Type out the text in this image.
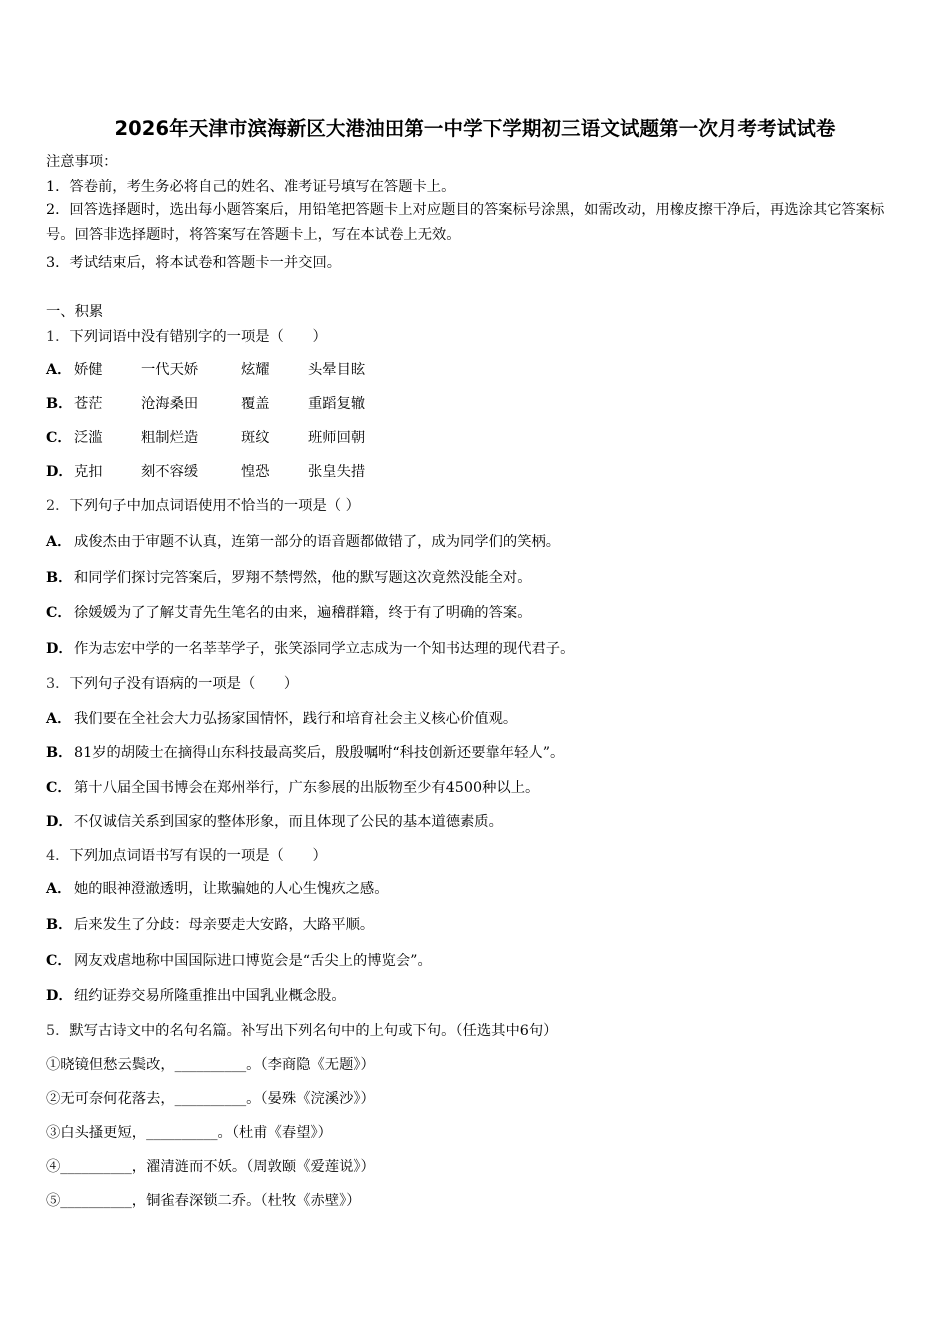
2026年天津市滨海新区大港油田第一中学下学期初三语文试题第一次月考考试试卷
注意事项：
1．答卷前，考生务必将自己的姓名、准考证号填写在答题卡上。
2．回答选择题时，选出每小题答案后，用铅笔把答题卡上对应题目的答案标号涂黑，如需改动，用橡皮擦干净后，再选涂其它答案标号。回答非选择题时，将答案写在答题卡上，写在本试卷上无效。
3．考试结束后，将本试卷和答题卡一并交回。
一、积累
1．下列词语中没有错别字的一项是（　　）
A． 娇健	一代天娇	炫耀	头晕目眩
B． 苍茫	沧海桑田	覆盖	重蹈复辙
C． 泛滥	粗制烂造	斑纹	班师回朝
D．克扣	刻不容缓	惶恐	张皇失措
2．下列句子中加点词语使用不恰当的一项是（ ）
A． 成俊杰由于审题不认真，连第一部分的语音题都做错了，成为同学们的笑柄。
B． 和同学们探讨完答案后，罗翔不禁愕然，他的默写题这次竟然没能全对。
C． 徐媛媛为了了解艾青先生笔名的由来，遍稽群籍，终于有了明确的答案。
D．作为志宏中学的一名莘莘学子，张笑添同学立志成为一个知书达理的现代君子。
3．下列句子没有语病的一项是（　　）
A． 我们要在全社会大力弘扬家国情怀，践行和培育社会主义核心价值观。
B． 81岁的胡陵士在摘得山东科技最高奖后，殷殷嘱咐“科技创新还要靠年轻人”。
C． 第十八届全国书博会在郑州举行，广东参展的出版物至少有4500种以上。
D．不仅诚信关系到国家的整体形象，而且体现了公民的基本道德素质。
4．下列加点词语书写有误的一项是（　　）
A． 她的眼神澄澈透明，让欺骗她的人心生愧疚之感。
B． 后来发生了分歧：母亲要走大安路，大路平顺。
C． 网友戏虐地称中国国际进口博览会是“舌尖上的博览会”。
D．纽约证券交易所隆重推出中国乳业概念股。
5．默写古诗文中的名句名篇。补写出下列名句中的上句或下句。（任选其中6句）
①晓镜但愁云鬓改，__________。（李商隐《无题》）
②无可奈何花落去，__________。（晏殊《浣溪沙》）
③白头搔更短，__________。（杜甫《春望》）
④__________，濯清涟而不妖。（周敦颐《爱莲说》）
⑤__________，铜雀春深锁二乔。（杜牧《赤壁》）
